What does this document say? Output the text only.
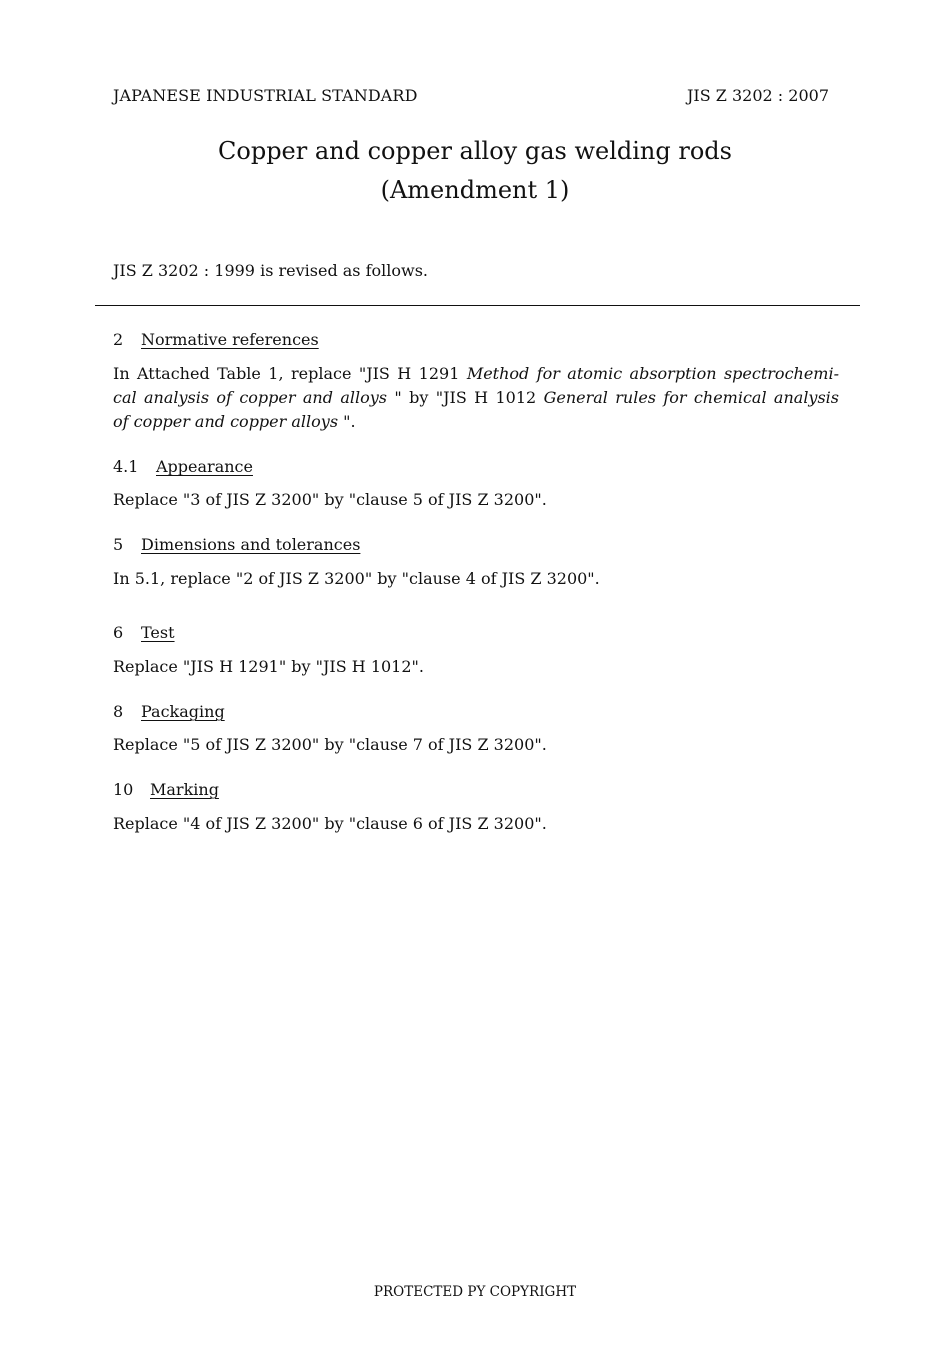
JAPANESE INDUSTRIAL STANDARD	JIS Z 3202 : 2007
Copper and copper alloy gas welding rods
(Amendment 1)
JIS Z 3202 : 1999 is revised as follows.
2 Normative references
In Attached Table 1, replace "JIS H 1291 Method for atomic absorption spectrochemi-
cal analysis of copper and alloys " by "JIS H 1012 General rules for chemical analysis
of copper and copper alloys ".
4.1 Appearance
Replace "3 of JIS Z 3200" by "clause 5 of JIS Z 3200".
5 Dimensions and tolerances
In 5.1, replace "2 of JIS Z 3200" by "clause 4 of JIS Z 3200".
6 Test
Replace "JIS H 1291" by "JIS H 1012".
8 Packaging
Replace "5 of JIS Z 3200" by "clause 7 of JIS Z 3200".
10 Marking
Replace "4 of JIS Z 3200" by "clause 6 of JIS Z 3200".
PROTECTED PY COPYRIGHT
